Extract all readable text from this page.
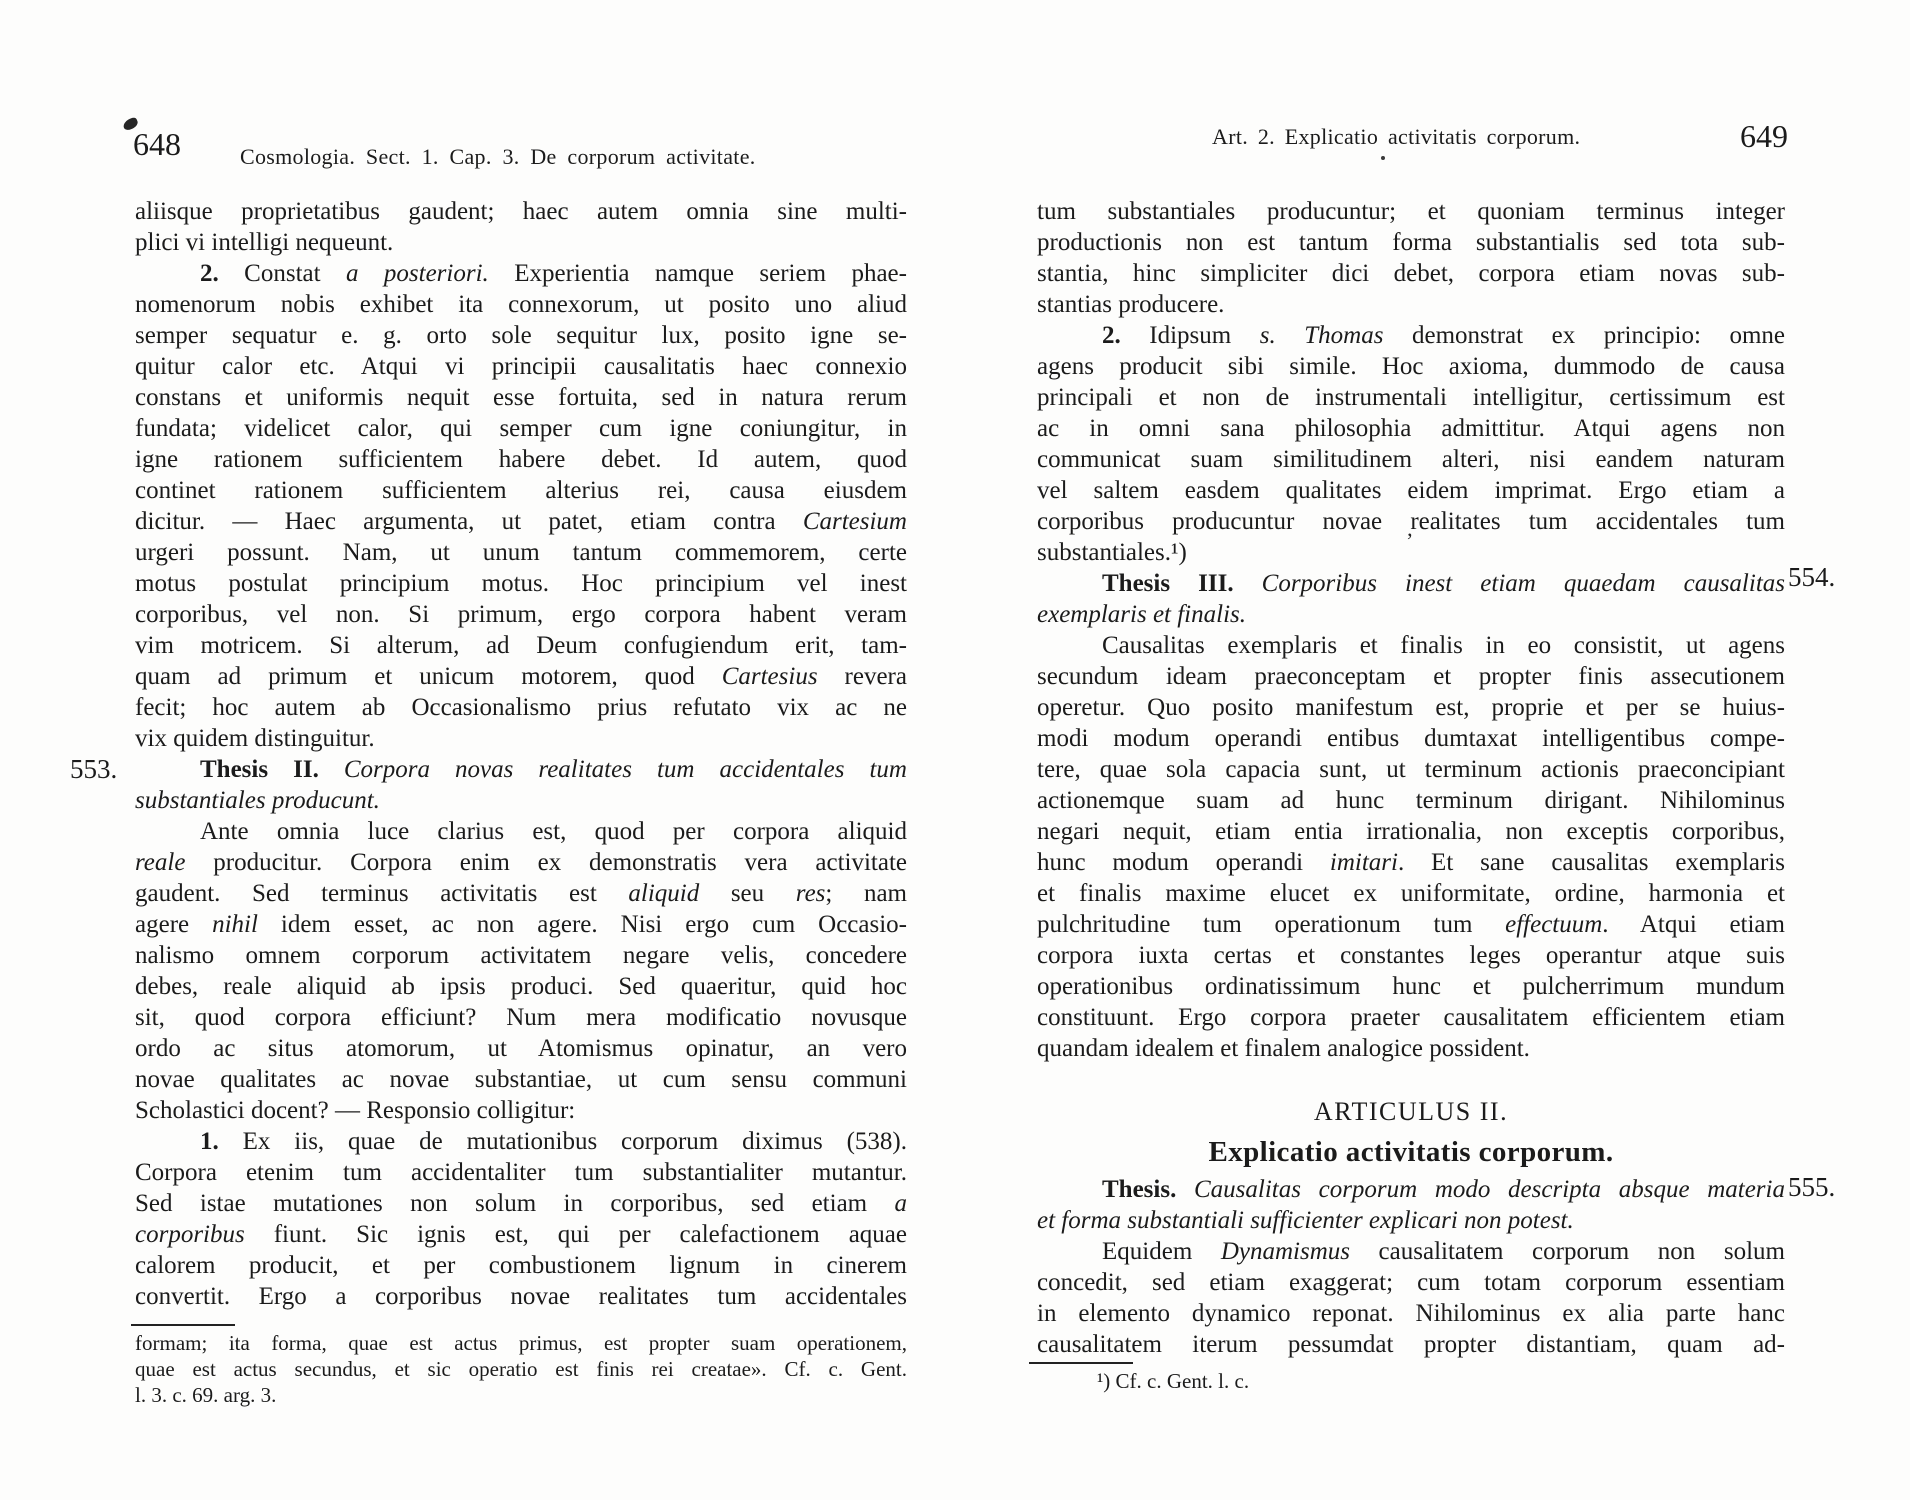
648	Cosmologia. Sect. 1. Cap. 3. De corporum activitate.
Art. 2. Explicatio activitatis corporum.	649
’
553.
554.
555.
aliisque proprietatibus gaudent; haec autem omnia sine multi-
plici vi intelligi nequeunt.
2. Constat a posteriori. Experientia namque seriem phae-
nomenorum nobis exhibet ita connexorum, ut posito uno aliud
semper sequatur e. g. orto sole sequitur lux, posito igne se-
quitur calor etc. Atqui vi principii causalitatis haec connexio
constans et uniformis nequit esse fortuita, sed in natura rerum
fundata; videlicet calor, qui semper cum igne coniungitur, in
igne rationem sufficientem habere debet. Id autem, quod
continet rationem sufficientem alterius rei, causa eiusdem
dicitur. — Haec argumenta, ut patet, etiam contra Cartesium
urgeri possunt. Nam, ut unum tantum commemorem, certe
motus postulat principium motus. Hoc principium vel inest
corporibus, vel non. Si primum, ergo corpora habent veram
vim motricem. Si alterum, ad Deum confugiendum erit, tam-
quam ad primum et unicum motorem, quod Cartesius revera
fecit; hoc autem ab Occasionalismo prius refutato vix ac ne
vix quidem distinguitur.
Thesis II. Corpora novas realitates tum accidentales tum
substantiales producunt.
Ante omnia luce clarius est, quod per corpora aliquid
reale producitur. Corpora enim ex demonstratis vera activitate
gaudent. Sed terminus activitatis est aliquid seu res; nam
agere nihil idem esset, ac non agere. Nisi ergo cum Occasio-
nalismo omnem corporum activitatem negare velis, concedere
debes, reale aliquid ab ipsis produci. Sed quaeritur, quid hoc
sit, quod corpora efficiunt? Num mera modificatio novusque
ordo ac situs atomorum, ut Atomismus opinatur, an vero
novae qualitates ac novae substantiae, ut cum sensu communi
Scholastici docent? — Responsio colligitur:
1. Ex iis, quae de mutationibus corporum diximus (538).
Corpora etenim tum accidentaliter tum substantialiter mutantur.
Sed istae mutationes non solum in corporibus, sed etiam a
corporibus fiunt. Sic ignis est, qui per calefactionem aquae
calorem producit, et per combustionem lignum in cinerem
convertit. Ergo a corporibus novae realitates tum accidentales
formam; ita forma, quae est actus primus, est propter suam operationem,
quae est actus secundus, et sic operatio est finis rei creatae». Cf. c. Gent.
l. 3. c. 69. arg. 3.
tum substantiales producuntur; et quoniam terminus integer
productionis non est tantum forma substantialis sed tota sub-
stantia, hinc simpliciter dici debet, corpora etiam novas sub-
stantias producere.
2. Idipsum s. Thomas demonstrat ex principio: omne
agens producit sibi simile. Hoc axioma, dummodo de causa
principali et non de instrumentali intelligitur, certissimum est
ac in omni sana philosophia admittitur. Atqui agens non
communicat suam similitudinem alteri, nisi eandem naturam
vel saltem easdem qualitates eidem imprimat. Ergo etiam a
corporibus producuntur novae realitates tum accidentales tum
substantiales.¹)
Thesis III. Corporibus inest etiam quaedam causalitas
exemplaris et finalis.
Causalitas exemplaris et finalis in eo consistit, ut agens
secundum ideam praeconceptam et propter finis assecutionem
operetur. Quo posito manifestum est, proprie et per se huius-
modi modum operandi entibus dumtaxat intelligentibus compe-
tere, quae sola capacia sunt, ut terminum actionis praeconcipiant
actionemque suam ad hunc terminum dirigant. Nihilominus
negari nequit, etiam entia irrationalia, non exceptis corporibus,
hunc modum operandi imitari. Et sane causalitas exemplaris
et finalis maxime elucet ex uniformitate, ordine, harmonia et
pulchritudine tum operationum tum effectuum. Atqui etiam
corpora iuxta certas et constantes leges operantur atque suis
operationibus ordinatissimum hunc et pulcherrimum mundum
constituunt. Ergo corpora praeter causalitatem efficientem etiam
quandam idealem et finalem analogice possident.
ARTICULUS II.
Explicatio activitatis corporum.
Thesis. Causalitas corporum modo descripta absque materia
et forma substantiali sufficienter explicari non potest.
Equidem Dynamismus causalitatem corporum non solum
concedit, sed etiam exaggerat; cum totam corporum essentiam
in elemento dynamico reponat. Nihilominus ex alia parte hanc
causalitatem iterum pessumdat propter distantiam, quam ad-
¹) Cf. c. Gent. l. c.
